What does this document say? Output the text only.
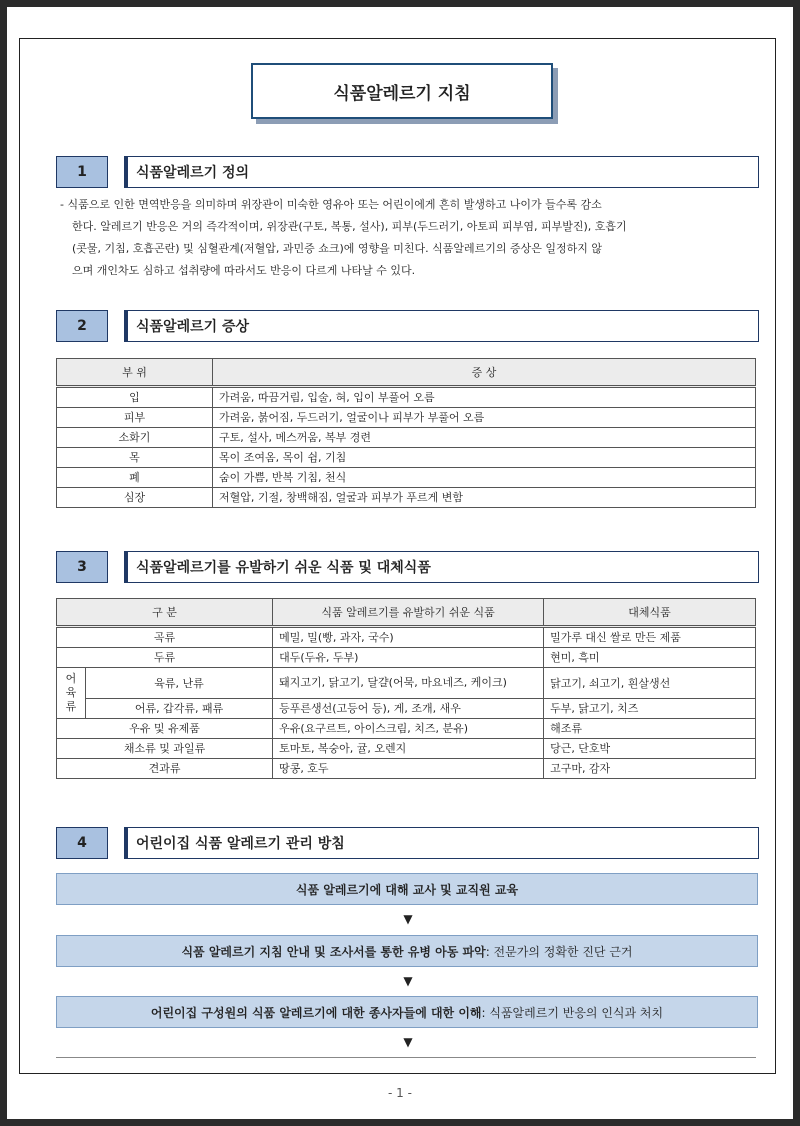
식품알레르기 지침
1	식품알레르기 정의
- 식품으로 인한 면역반응을 의미하며 위장관이 미숙한 영유아 또는 어린이에게 흔히 발생하고 나이가 들수록 감소
한다. 알레르기 반응은 거의 즉각적이며, 위장관(구토, 복통, 설사), 피부(두드러기, 아토피 피부염, 피부발진), 호흡기
(콧물, 기침, 호흡곤란) 및 심혈관계(저혈압, 과민증 쇼크)에 영향을 미친다. 식품알레르기의 증상은 일정하지 않
으며 개인차도 심하고 섭취량에 따라서도 반응이 다르게 나타날 수 있다.
2	식품알레르기 증상
부 위	증 상
입	가려움, 따끔거림, 입술, 혀, 입이 부풀어 오름
피부	가려움, 붉어짐, 두드러기, 얼굴이나 피부가 부풀어 오름
소화기	구토, 설사, 메스꺼움, 복부 경련
목	목이 조여옴, 목이 쉼, 기침
폐	숨이 가쁨, 반복 기침, 천식
심장	저혈압, 기절, 창백해짐, 얼굴과 피부가 푸르게 변함
3	식품알레르기를 유발하기 쉬운 식품 및 대체식품
구 분		식품 알레르기를 유발하기 쉬운 식품	대체식품
곡류		메밀, 밀(빵, 과자, 국수)	밀가루 대신 쌀로 만든 제품
두류		대두(두유, 두부)	현미, 흑미
어육류	육류, 난류	돼지고기, 닭고기, 달걀(어묵, 마요네즈, 케이크)	닭고기, 쇠고기, 흰살생선
	어류, 갑각류, 패류	등푸른생선(고등어 등), 게, 조개, 새우	두부, 닭고기, 치즈
우유 및 유제품		우유(요구르트, 아이스크림, 치즈, 분유)	해조류
채소류 및 과일류		토마토, 복숭아, 귤, 오렌지	당근, 단호박
견과류		땅콩, 호두	고구마, 감자
4	어린이집 식품 알레르기 관리 방침
식품 알레르기에 대해 교사 및 교직원 교육
▼
식품 알레르기 지침 안내 및 조사서를 통한 유병 아동 파악 : 전문가의 정확한 진단 근거
▼
어린이집 구성원의 식품 알레르기에 대한 종사자들에 대한 이해 : 식품알레르기 반응의 인식과 처치
▼
- 1 -
